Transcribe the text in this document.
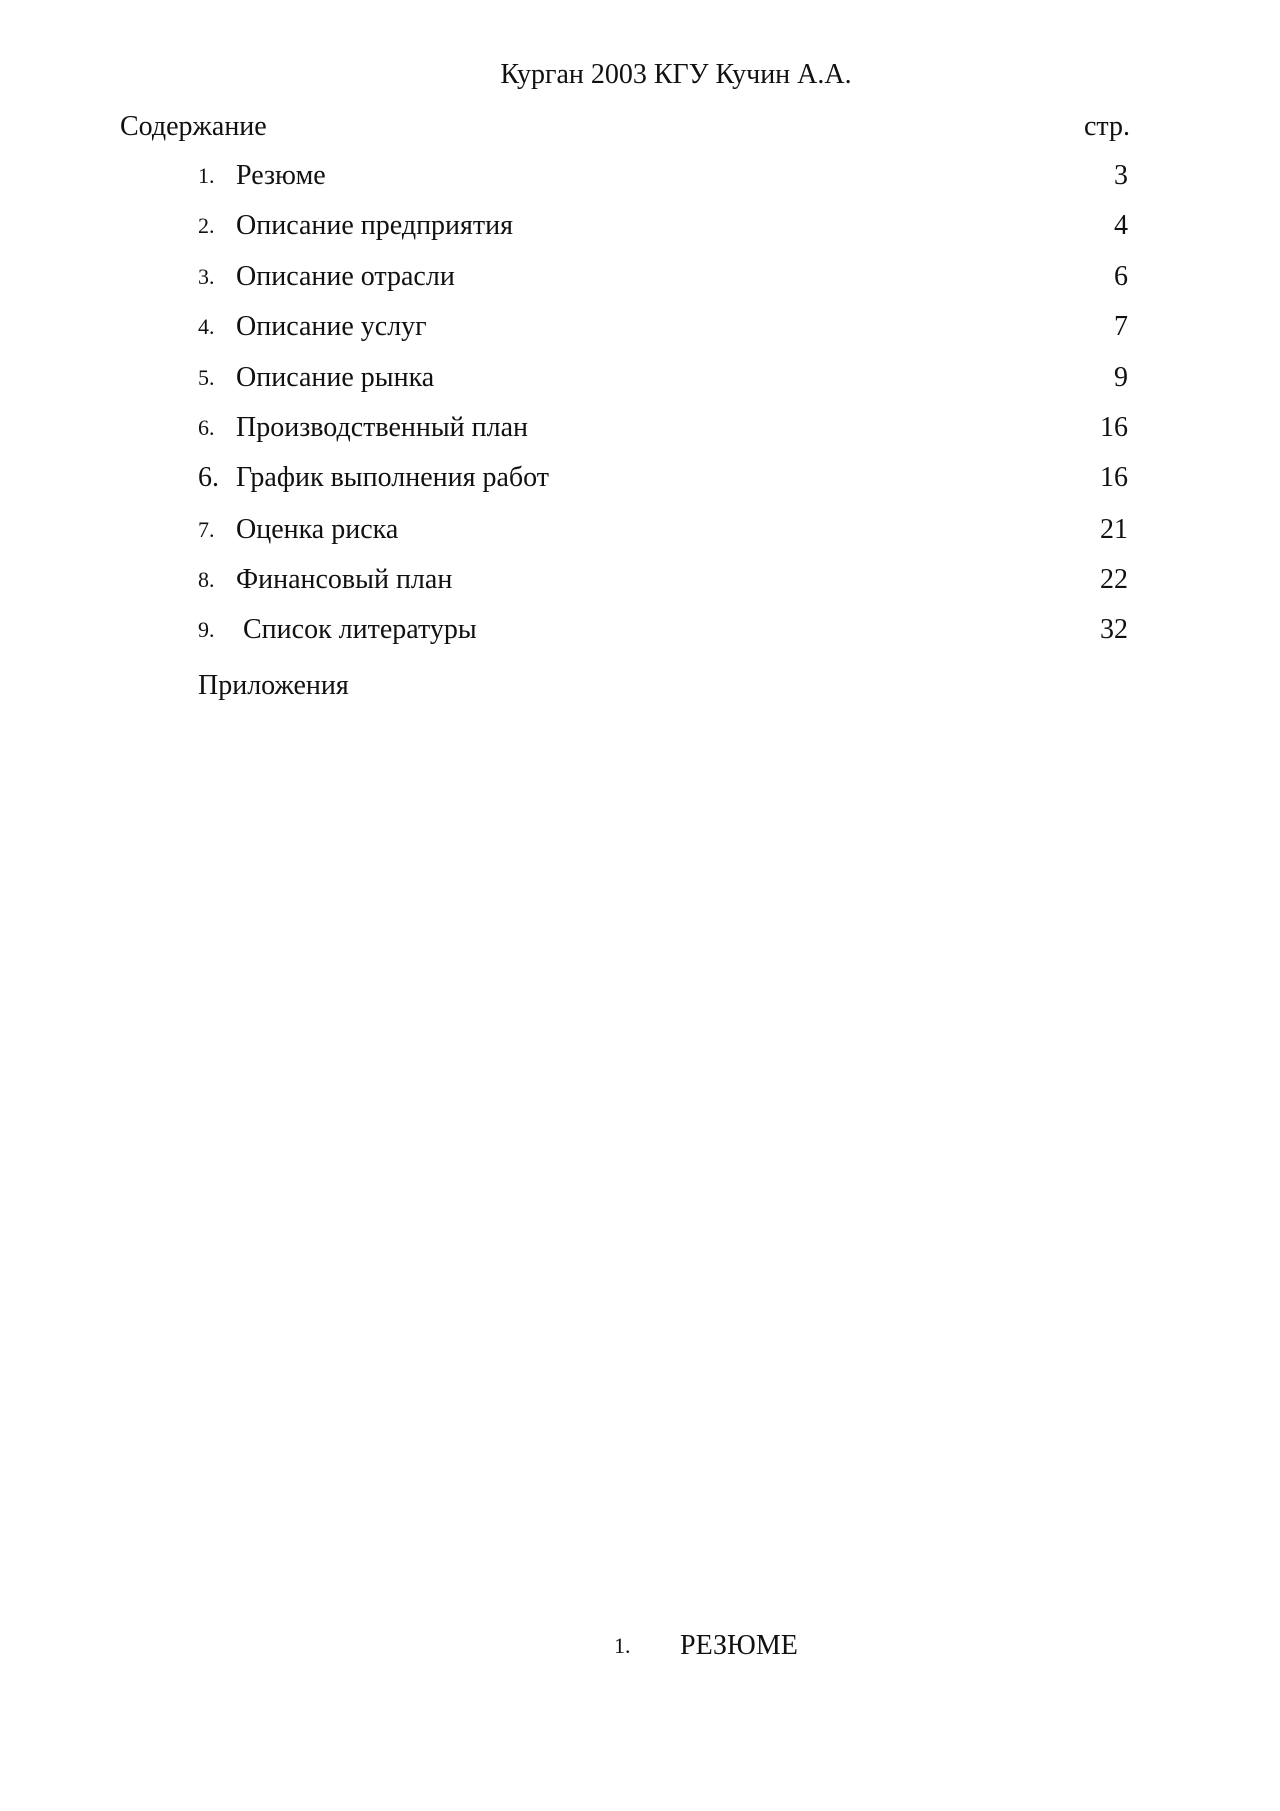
Курган 2003 КГУ Кучин А.А.
Содержание	стр.
1. Резюме	3
2. Описание предприятия	4
3. Описание отрасли	6
4. Описание услуг	7
5. Описание рынка	9
6. Производственный план	16
6. График выполнения работ	16
7. Оценка риска	21
8. Финансовый план	22
9. Список литературы	32
Приложения
1. РЕЗЮМЕ
